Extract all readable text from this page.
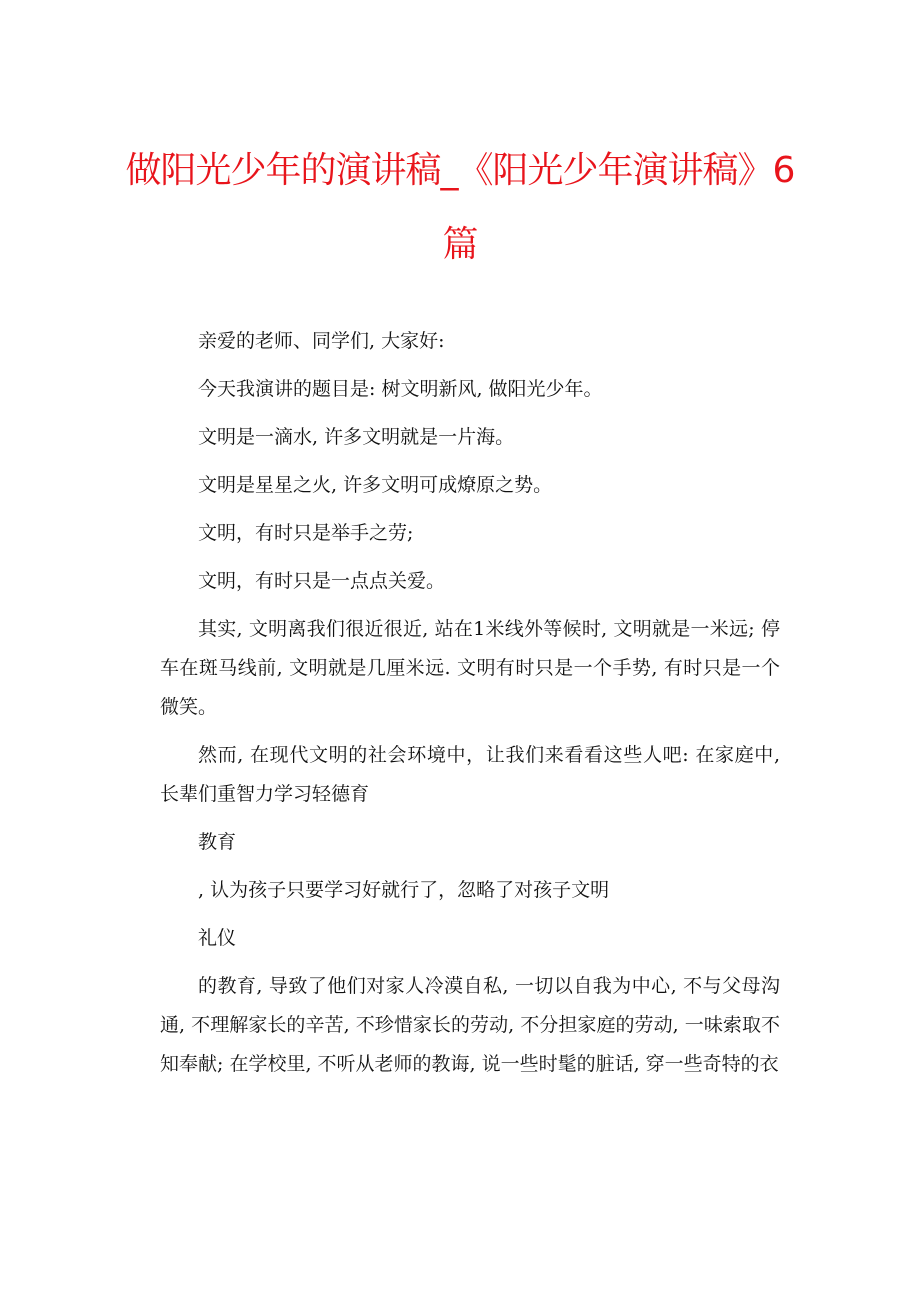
做阳光少年的演讲稿_《阳光少年演讲稿》6篇

亲爱的老师、同学们, 大家好:

今天我演讲的题目是: 树文明新风, 做阳光少年。

文明是一滴水, 许多文明就是一片海。

文明是星星之火, 许多文明可成燎原之势。

文明，有时只是举手之劳;

文明，有时只是一点点关爱。

其实, 文明离我们很近很近, 站在1米线外等候时, 文明就是一米远; 停车在斑马线前, 文明就是几厘米远. 文明有时只是一个手势, 有时只是一个微笑。

然而, 在现代文明的社会环境中，让我们来看看这些人吧: 在家庭中, 长辈们重智力学习轻德育

教育

, 认为孩子只要学习好就行了，忽略了对孩子文明

礼仪

的教育, 导致了他们对家人冷漠自私, 一切以自我为中心, 不与父母沟通, 不理解家长的辛苦, 不珍惜家长的劳动, 不分担家庭的劳动, 一味索取不知奉献; 在学校里, 不听从老师的教诲, 说一些时髦的脏话, 穿一些奇特的衣
